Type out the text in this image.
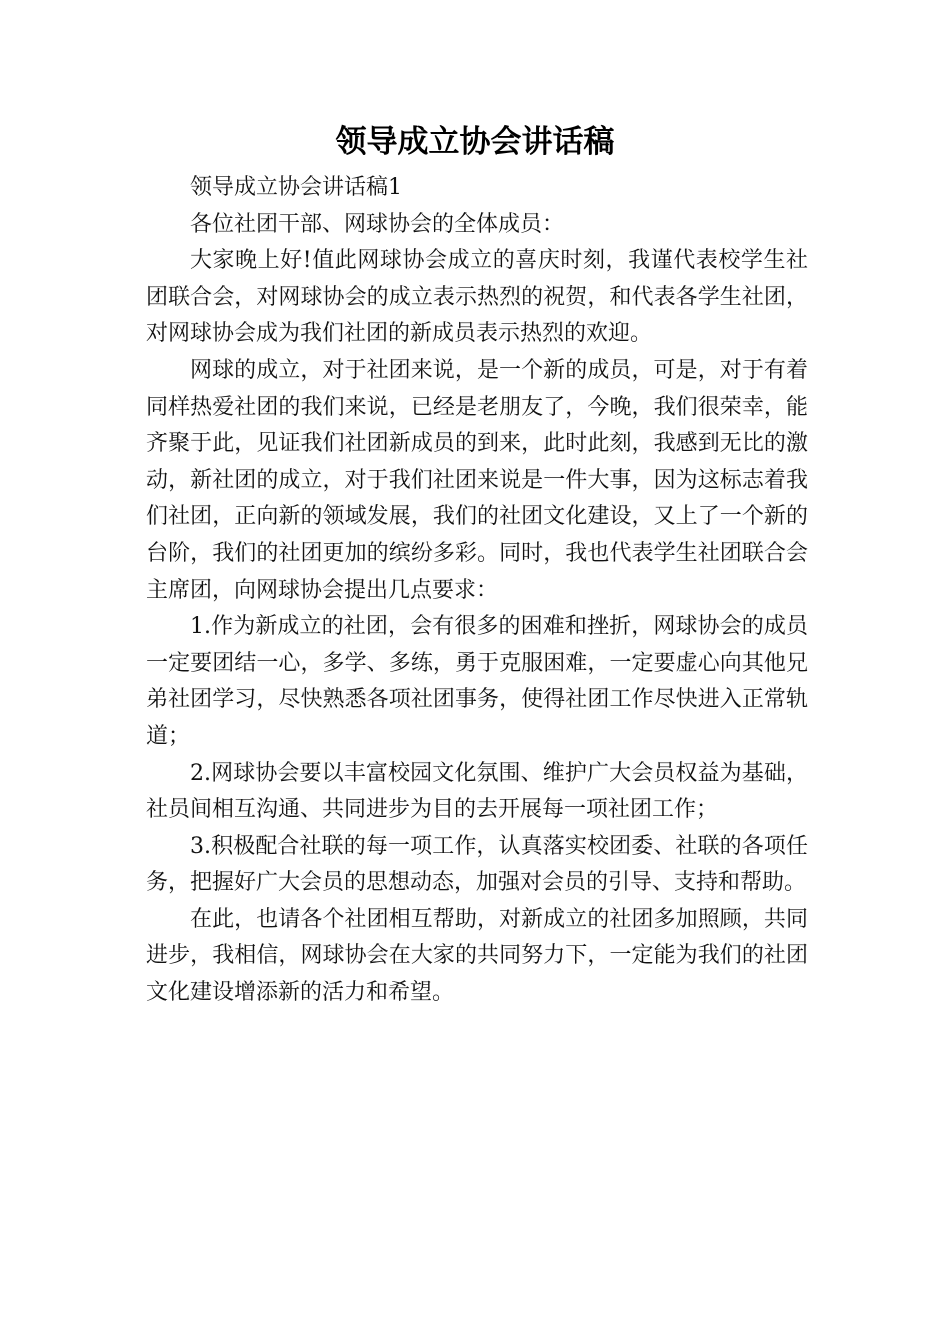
领导成立协会讲话稿

领导成立协会讲话稿1

各位社团干部、网球协会的全体成员：

大家晚上好!值此网球协会成立的喜庆时刻，我谨代表校学生社团联合会，对网球协会的成立表示热烈的祝贺，和代表各学生社团，对网球协会成为我们社团的新成员表示热烈的欢迎。

网球的成立，对于社团来说，是一个新的成员，可是，对于有着同样热爱社团的我们来说，已经是老朋友了，今晚，我们很荣幸，能齐聚于此，见证我们社团新成员的到来，此时此刻，我感到无比的激动，新社团的成立，对于我们社团来说是一件大事，因为这标志着我们社团，正向新的领域发展，我们的社团文化建设，又上了一个新的台阶，我们的社团更加的缤纷多彩。同时，我也代表学生社团联合会主席团，向网球协会提出几点要求：

1.作为新成立的社团，会有很多的困难和挫折，网球协会的成员一定要团结一心，多学、多练，勇于克服困难，一定要虚心向其他兄弟社团学习，尽快熟悉各项社团事务，使得社团工作尽快进入正常轨道；

2.网球协会要以丰富校园文化氛围、维护广大会员权益为基础，社员间相互沟通、共同进步为目的去开展每一项社团工作；

3.积极配合社联的每一项工作，认真落实校团委、社联的各项任务，把握好广大会员的思想动态，加强对会员的引导、支持和帮助。

在此，也请各个社团相互帮助，对新成立的社团多加照顾，共同进步，我相信，网球协会在大家的共同努力下，一定能为我们的社团文化建设增添新的活力和希望。
